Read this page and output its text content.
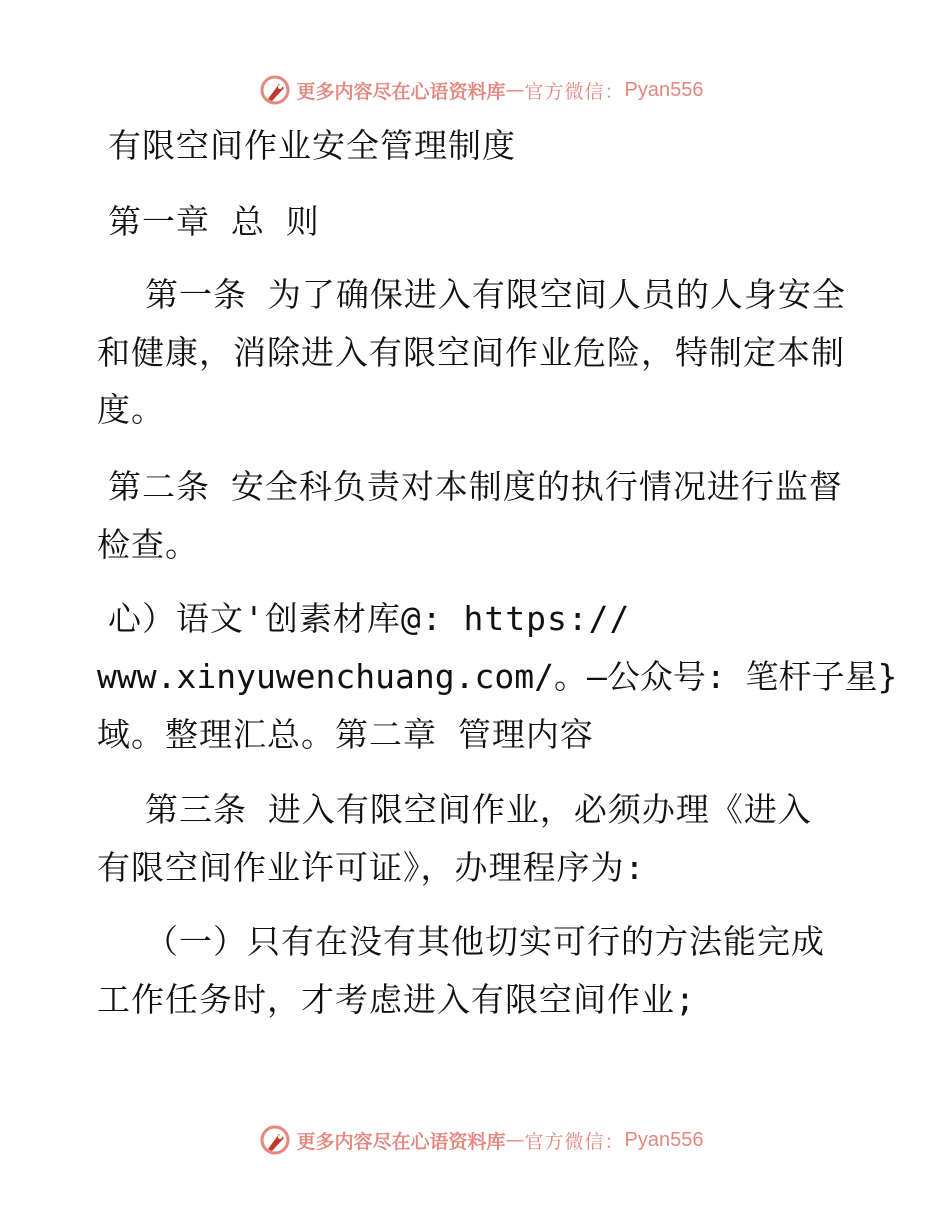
更多内容尽在心语资料库 — 官方微信： Pyan556
有限空间作业安全管理制度
第一章 总 则
第一条 为了确保进入有限空间人员的人身安全
和健康，消除进入有限空间作业危险，特制定本制
度。
第二条 安全科负责对本制度的执行情况进行监督
检查。
心）语文'创素材库@: https://
www.xinyuwenchuang.com/。—公众号: 笔杆子星}
域。整理汇总。第二章 管理内容
第三条 进入有限空间作业，必须办理《进入
有限空间作业许可证》，办理程序为:
（一）只有在没有其他切实可行的方法能完成
工作任务时，才考虑进入有限空间作业;
更多内容尽在心语资料库 — 官方微信： Pyan556
